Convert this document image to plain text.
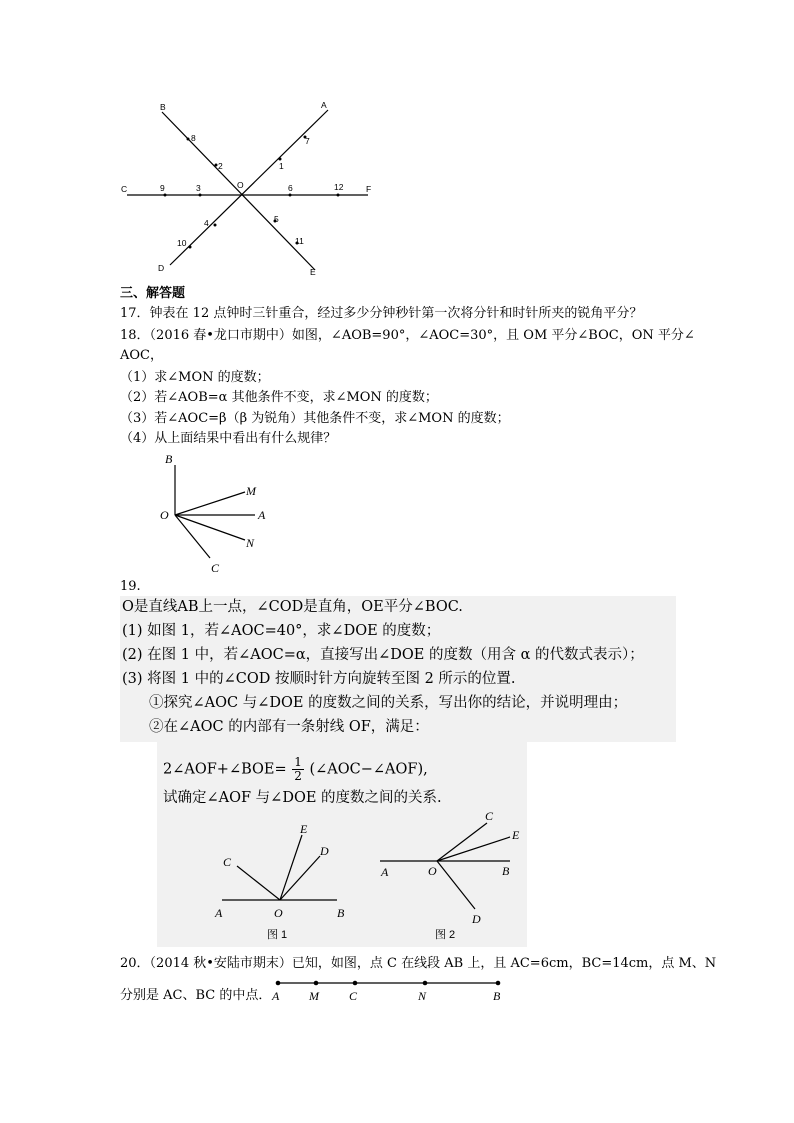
B	A
C	F
O
D	E
8
2	1
7
9	3	6	12
4
10
5
11
三、解答题
17．钟表在 12 点钟时三针重合，经过多少分钟秒针第一次将分针和时针所夹的锐角平分？
18．（2016 春•龙口市期中）如图，∠AOB=90°，∠AOC=30°，且 OM 平分∠BOC，ON 平分∠
AOC，
（1）求∠MON 的度数；
（2）若∠AOB=α 其他条件不变，求∠MON 的度数；
（3）若∠AOC=β（β 为锐角）其他条件不变，求∠MON 的度数；
（4）从上面结果中看出有什么规律？
B
M
O	A
N
C
19.
O是直线AB上一点，∠COD是直角，OE平分∠BOC.
(1) 如图 1，若∠AOC=40°，求∠DOE 的度数；
(2) 在图 1 中，若∠AOC=α，直接写出∠DOE 的度数（用含 α 的代数式表示）；
(3) 将图 1 中的∠COD 按顺时针方向旋转至图 2 所示的位置.
①探究∠AOC 与∠DOE 的度数之间的关系，写出你的结论，并说明理由；
②在∠AOC 的内部有一条射线 OF，满足：
2∠AOF+∠BOE= $\frac{1}{2}$ (∠AOC−∠AOF),
试确定∠AOF 与∠DOE 的度数之间的关系.
A	O	B
C
E
D
图 1
A	O	B
C
E
D
图 2
20．（2014 秋•安陆市期末）已知，如图，点 C 在线段 AB 上，且 AC=6cm，BC=14cm，点 M、N
分别是 AC、BC 的中点． A M	C	N	B
